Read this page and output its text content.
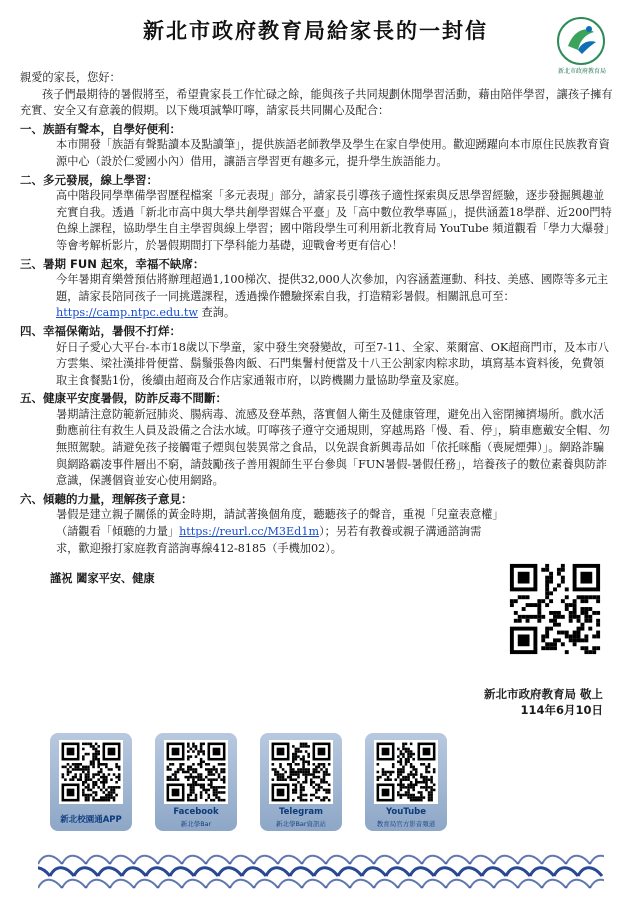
新北市政府教育局給家長的一封信
新北市政府教育局

親愛的家長，您好：

孩子們最期待的暑假將至，希望貴家長工作忙碌之餘，能與孩子共同規劃休閒學習活動，藉由陪伴學習，讓孩子擁有充實、安全又有意義的假期。以下幾項誠摯叮嚀，請家長共同關心及配合：

一、族語有聲本，自學好便利：

本市開發「族語有聲點讀本及點讀筆」，提供族語老師教學及學生在家自學使用。歡迎踴躍向本市原住民族教育資源中心（設於仁愛國小內）借用，讓語言學習更有趣多元，提升學生族語能力。

二、多元發展，線上學習：

高中階段同學準備學習歷程檔案「多元表現」部分，請家長引導孩子適性探索與反思學習經驗，逐步發掘興趣並充實自我。透過「新北市高中與大學共創學習媒合平臺」及「高中數位教學專區」，提供涵蓋18學群、近200門特色線上課程，協助學生自主學習與線上學習；國中階段學生可利用新北教育局 YouTube 頻道觀看「學力大爆發」等會考解析影片，於暑假期間打下學科能力基礎，迎戰會考更有信心！

三、暑期 FUN 起來，幸福不缺席：

今年暑期育樂營預估將辦理超過1,100梯次、提供32,000人次參加，內容涵蓋運動、科技、美感、國際等多元主題，請家長陪同孩子一同挑選課程，透過操作體驗探索自我，打造精彩暑假。相關訊息可至：https://camp.ntpc.edu.tw 查詢。

四、幸福保衛站，暑假不打烊：

好日子愛心大平台-本市18歲以下學童，家中發生突發變故，可至7-11、全家、萊爾富、OK超商門市，及本市八方雲集、梁社漢排骨便當、鬍鬚張魯肉飯、石門集鬐村便當及十八王公割家肉粽求助，填寫基本資料後，免費領取主食餐點1份，後續由超商及合作店家通報市府，以跨機關力量協助學童及家庭。

五、健康平安度暑假，防詐反毒不間斷：

暑期請注意防範新冠肺炎、腸病毒、流感及登革熱，落實個人衛生及健康管理，避免出入密閉擁擠場所。戲水活動應前往有救生人員及設備之合法水域。叮嚀孩子遵守交通規則，穿越馬路「慢、看、停」，騎車應戴安全帽、勿無照駕駛。請避免孩子接觸電子煙與包裝異常之食品，以免誤食新興毒品如「依托咪酯（喪屍煙彈）」。網路詐騙與網路霸凌事件層出不窮，請鼓勵孩子善用親師生平台參與「FUN暑假-暑假任務」，培養孩子的數位素養與防詐意識，保護個資並安心使用網路。

六、傾聽的力量，理解孩子意見：

暑假是建立親子關係的黃金時期，請試著換個角度，聽聽孩子的聲音，重視「兒童表意權」（請觀看「傾聽的力量」https://reurl.cc/M3Ed1m）；另若有教養或親子溝通諮詢需求，歡迎撥打家庭教育諮詢專線412-8185（手機加02）。

謹祝 闔家平安、健康

新北市政府教育局 敬上
114年6月10日
新北校園通APP
Facebook
新北學Bar
Telegram
新北學Bar資訊站
YouTube
教育局官方影音頻道
